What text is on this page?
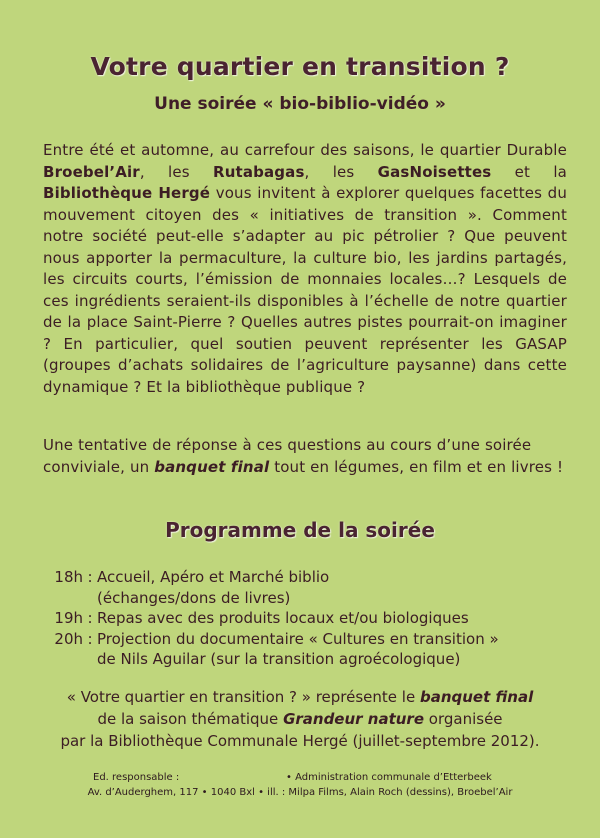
Votre quartier en transition ?
Une soirée « bio-biblio-vidéo »

Entre été et automne, au carrefour des saisons, le quartier Durable Broebel’Air, les Rutabagas, les GasNoisettes et la Bibliothèque Hergé vous invitent à explorer quelques facettes du mouvement citoyen des « initiatives de transition ». Comment notre société peut-elle s’adapter au pic pétrolier ? Que peuvent nous apporter la permaculture, la culture bio, les jardins partagés, les circuits courts, l’émission de monnaies locales…? Lesquels de ces ingrédients seraient-ils disponibles à l’échelle de notre quartier de la place Saint-Pierre ? Quelles autres pistes pourrait-on imaginer ? En particulier, quel soutien peuvent représenter les GASAP (groupes d’achats solidaires de l’agriculture paysanne) dans cette dynamique ? Et la bibliothèque publique ?

Une tentative de réponse à ces questions au cours d’une soirée conviviale, un banquet final tout en légumes, en film et en livres !

Programme de la soirée
18h : Accueil, Apéro et Marché biblio
(échanges/dons de livres)
19h : Repas avec des produits locaux et/ou biologiques
20h : Projection du documentaire « Cultures en transition »
de Nils Aguilar (sur la transition agroécologique)
« Votre quartier en transition ? » représente le banquet final
de la saison thématique Grandeur nature organisée
par la Bibliothèque Communale Hergé (juillet-septembre 2012).
Ed. responsable :	• Administration communale d’Etterbeek
Av. d’Auderghem, 117 • 1040 Bxl • ill. : Milpa Films, Alain Roch (dessins), Broebel’Air
